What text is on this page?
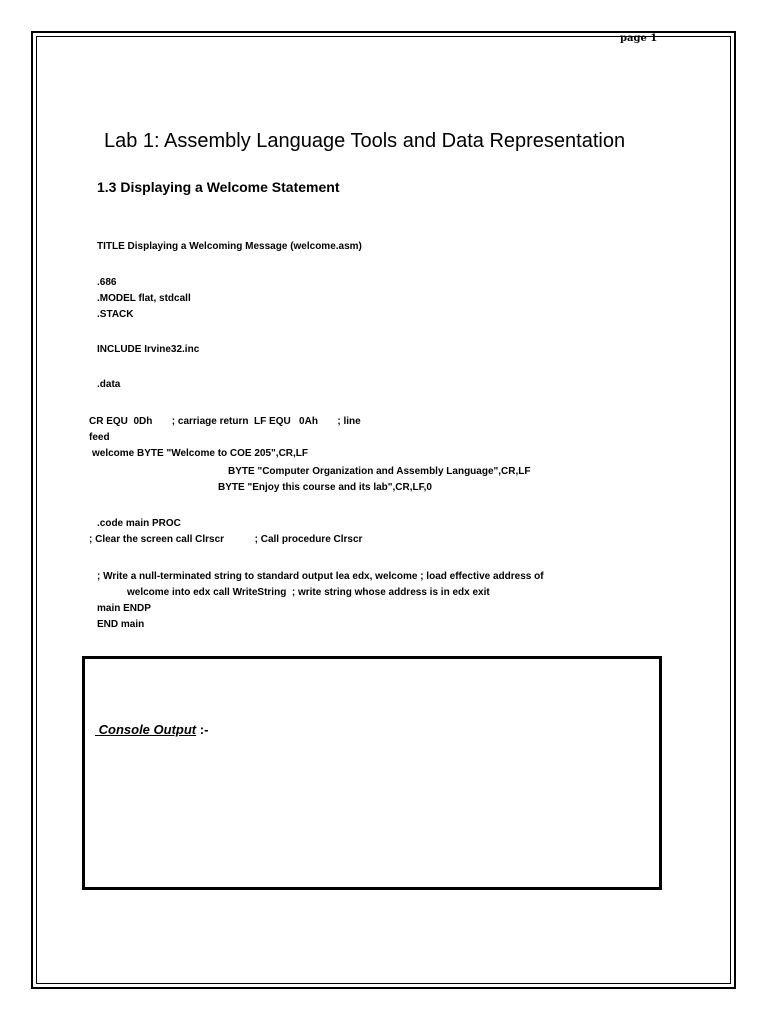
page 1
Lab 1: Assembly Language Tools and Data Representation
1.3 Displaying a Welcome Statement
TITLE Displaying a Welcoming Message (welcome.asm)
.686
.MODEL flat, stdcall
.STACK
INCLUDE Irvine32.inc
.data
CR EQU  0Dh       ; carriage return  LF EQU   0Ah       ; line
feed
welcome BYTE "Welcome to COE 205",CR,LF
BYTE "Computer Organization and Assembly Language",CR,LF
BYTE "Enjoy this course and its lab",CR,LF,0
.code main PROC
; Clear the screen call Clrscr           ; Call procedure Clrscr
; Write a null-terminated string to standard output lea edx, welcome ; load effective address of
welcome into edx call WriteString  ; write string whose address is in edx exit
main ENDP
END main
Console Output :-
